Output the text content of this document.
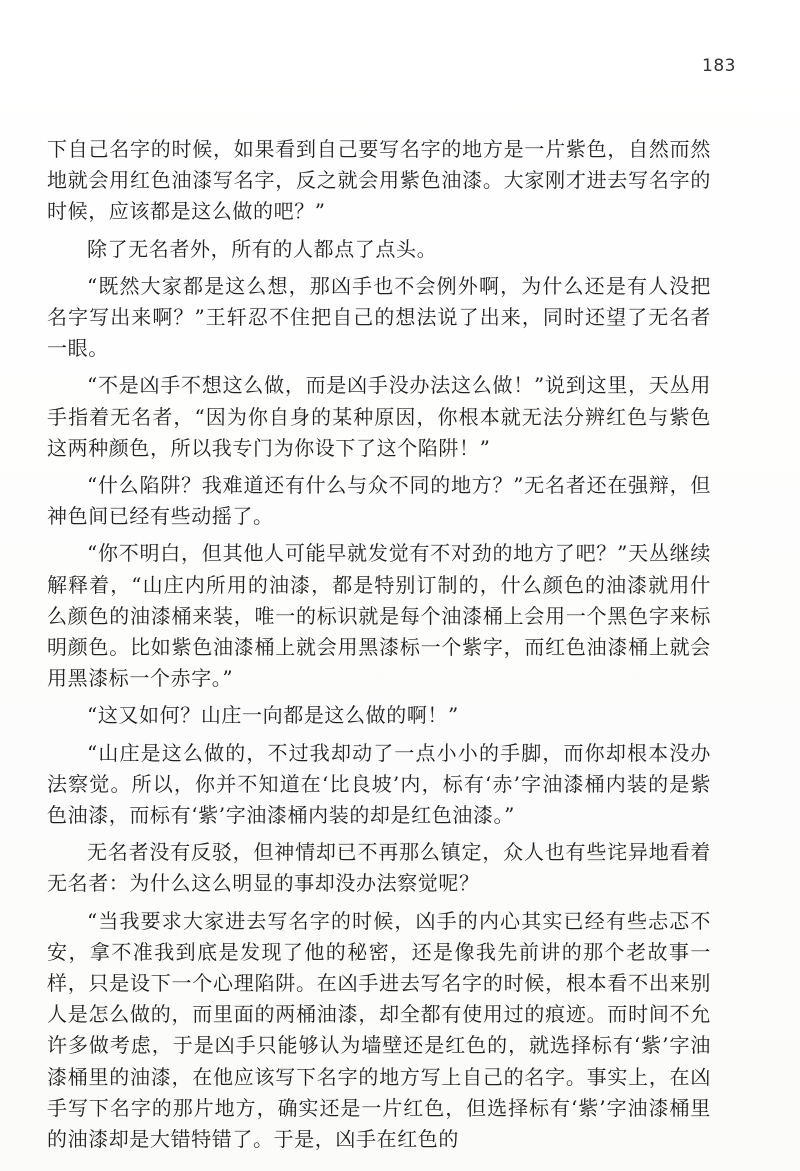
183

下自己名字的时候，如果看到自己要写名字的地方是一片紫色，自然而然地就会用红色油漆写名字，反之就会用紫色油漆。大家刚才进去写名字的时候，应该都是这么做的吧？”

除了无名者外，所有的人都点了点头。

“既然大家都是这么想，那凶手也不会例外啊，为什么还是有人没把名字写出来啊？”王轩忍不住把自己的想法说了出来，同时还望了无名者一眼。

“不是凶手不想这么做，而是凶手没办法这么做！”说到这里，天丛用手指着无名者，“因为你自身的某种原因，你根本就无法分辨红色与紫色这两种颜色，所以我专门为你设下了这个陷阱！”

“什么陷阱？我难道还有什么与众不同的地方？”无名者还在强辩，但神色间已经有些动摇了。

“你不明白，但其他人可能早就发觉有不对劲的地方了吧？”天丛继续解释着，“山庄内所用的油漆，都是特别订制的，什么颜色的油漆就用什么颜色的油漆桶来装，唯一的标识就是每个油漆桶上会用一个黑色字来标明颜色。比如紫色油漆桶上就会用黑漆标一个紫字，而红色油漆桶上就会用黑漆标一个赤字。”

“这又如何？山庄一向都是这么做的啊！”

“山庄是这么做的，不过我却动了一点小小的手脚，而你却根本没办法察觉。所以，你并不知道在‘比良坡’内，标有‘赤’字油漆桶内装的是紫色油漆，而标有‘紫’字油漆桶内装的却是红色油漆。”

无名者没有反驳，但神情却已不再那么镇定，众人也有些诧异地看着无名者：为什么这么明显的事却没办法察觉呢？

“当我要求大家进去写名字的时候，凶手的内心其实已经有些忐忑不安，拿不准我到底是发现了他的秘密，还是像我先前讲的那个老故事一样，只是设下一个心理陷阱。在凶手进去写名字的时候，根本看不出来别人是怎么做的，而里面的两桶油漆，却全都有使用过的痕迹。而时间不允许多做考虑，于是凶手只能够认为墙壁还是红色的，就选择标有‘紫’字油漆桶里的油漆，在他应该写下名字的地方写上自己的名字。事实上，在凶手写下名字的那片地方，确实还是一片红色，但选择标有‘紫’字油漆桶里的油漆却是大错特错了。于是，凶手在红色的
